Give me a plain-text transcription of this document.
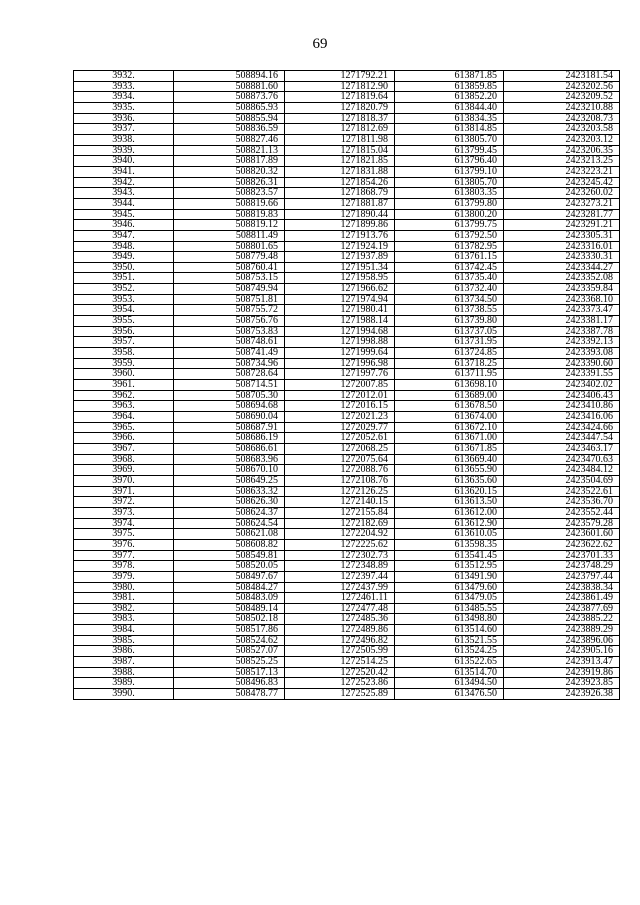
69
3932.	508894.16	1271792.21	613871.85	2423181.54
3933.	508881.60	1271812.90	613859.85	2423202.56
3934.	508873.76	1271819.64	613852.20	2423209.52
3935.	508865.93	1271820.79	613844.40	2423210.88
3936.	508855.94	1271818.37	613834.35	2423208.73
3937.	508836.59	1271812.69	613814.85	2423203.58
3938.	508827.46	1271811.98	613805.70	2423203.12
3939.	508821.13	1271815.04	613799.45	2423206.35
3940.	508817.89	1271821.85	613796.40	2423213.25
3941.	508820.32	1271831.88	613799.10	2423223.21
3942.	508826.31	1271854.26	613805.70	2423245.42
3943.	508823.57	1271868.79	613803.35	2423260.02
3944.	508819.66	1271881.87	613799.80	2423273.21
3945.	508819.83	1271890.44	613800.20	2423281.77
3946.	508819.12	1271899.86	613799.75	2423291.21
3947.	508811.49	1271913.76	613792.50	2423305.31
3948.	508801.65	1271924.19	613782.95	2423316.01
3949.	508779.48	1271937.89	613761.15	2423330.31
3950.	508760.41	1271951.34	613742.45	2423344.27
3951.	508753.15	1271958.95	613735.40	2423352.08
3952.	508749.94	1271966.62	613732.40	2423359.84
3953.	508751.81	1271974.94	613734.50	2423368.10
3954.	508755.72	1271980.41	613738.55	2423373.47
3955.	508756.76	1271988.14	613739.80	2423381.17
3956.	508753.83	1271994.68	613737.05	2423387.78
3957.	508748.61	1271998.88	613731.95	2423392.13
3958.	508741.49	1271999.64	613724.85	2423393.08
3959.	508734.96	1271996.98	613718.25	2423390.60
3960.	508728.64	1271997.76	613711.95	2423391.55
3961.	508714.51	1272007.85	613698.10	2423402.02
3962.	508705.30	1272012.01	613689.00	2423406.43
3963.	508694.68	1272016.15	613678.50	2423410.86
3964.	508690.04	1272021.23	613674.00	2423416.06
3965.	508687.91	1272029.77	613672.10	2423424.66
3966.	508686.19	1272052.61	613671.00	2423447.54
3967.	508686.61	1272068.25	613671.85	2423463.17
3968.	508683.96	1272075.64	613669.40	2423470.63
3969.	508670.10	1272088.76	613655.90	2423484.12
3970.	508649.25	1272108.76	613635.60	2423504.69
3971.	508633.32	1272126.25	613620.15	2423522.61
3972.	508626.30	1272140.15	613613.50	2423536.70
3973.	508624.37	1272155.84	613612.00	2423552.44
3974.	508624.54	1272182.69	613612.90	2423579.28
3975.	508621.08	1272204.92	613610.05	2423601.60
3976.	508608.82	1272225.62	613598.35	2423622.62
3977.	508549.81	1272302.73	613541.45	2423701.33
3978.	508520.05	1272348.89	613512.95	2423748.29
3979.	508497.67	1272397.44	613491.90	2423797.44
3980.	508484.27	1272437.99	613479.60	2423838.34
3981.	508483.09	1272461.11	613479.05	2423861.49
3982.	508489.14	1272477.48	613485.55	2423877.69
3983.	508502.18	1272485.36	613498.80	2423885.22
3984.	508517.86	1272489.86	613514.60	2423889.29
3985.	508524.62	1272496.82	613521.55	2423896.06
3986.	508527.07	1272505.99	613524.25	2423905.16
3987.	508525.25	1272514.25	613522.65	2423913.47
3988.	508517.13	1272520.42	613514.70	2423919.86
3989.	508496.83	1272523.86	613494.50	2423923.85
3990.	508478.77	1272525.89	613476.50	2423926.38
